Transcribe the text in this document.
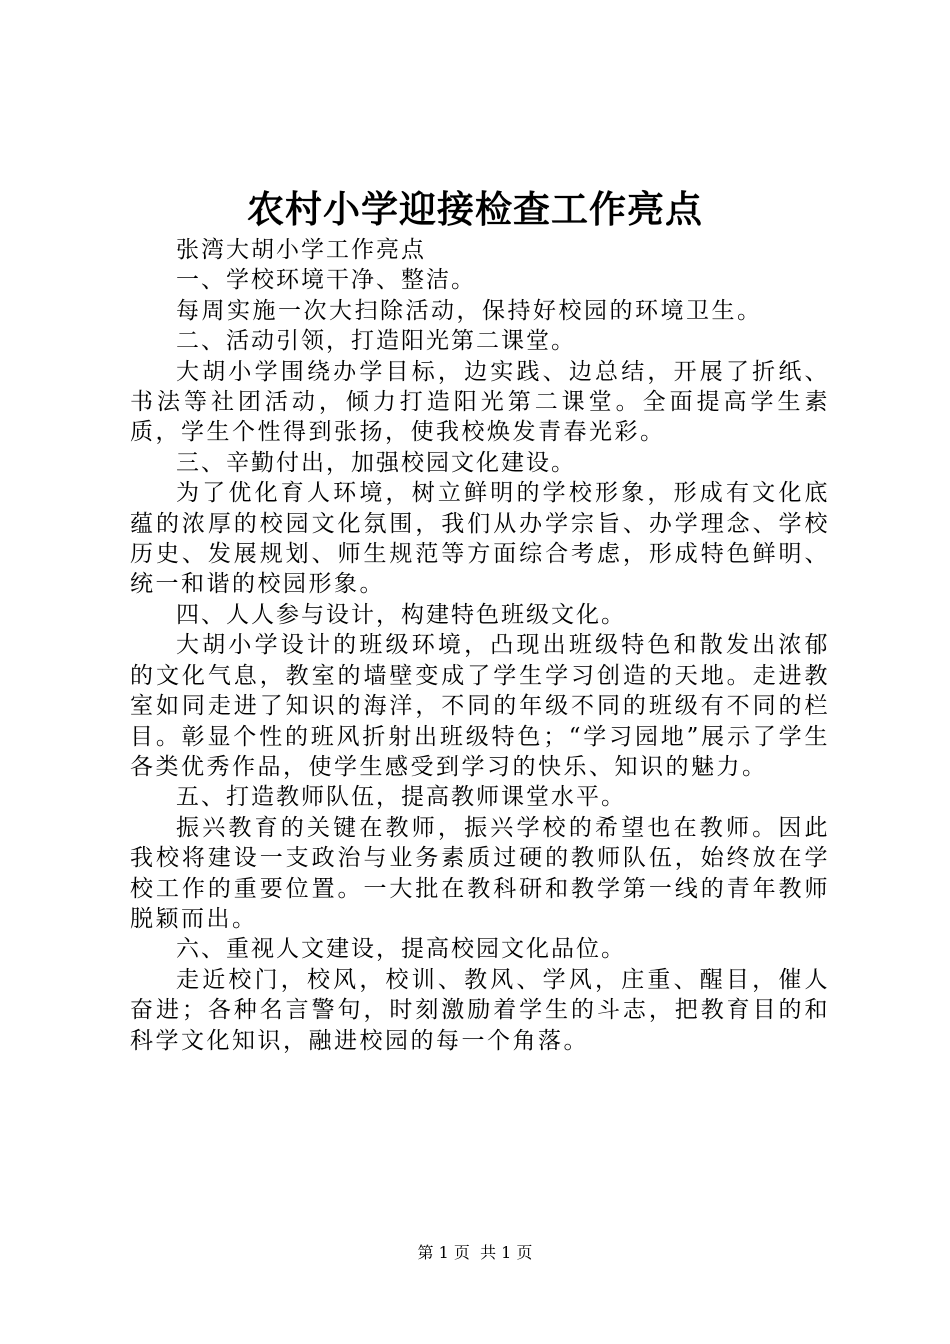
农村小学迎接检查工作亮点

张湾大胡小学工作亮点

一、学校环境干净、整洁。

每周实施一次大扫除活动，保持好校园的环境卫生。

二、活动引领，打造阳光第二课堂。

大胡小学围绕办学目标，边实践、边总结，开展了折纸、书法等社团活动，倾力打造阳光第二课堂。全面提高学生素质，学生个性得到张扬，使我校焕发青春光彩。

三、辛勤付出，加强校园文化建设。

为了优化育人环境，树立鲜明的学校形象，形成有文化底蕴的浓厚的校园文化氛围，我们从办学宗旨、办学理念、学校历史、发展规划、师生规范等方面综合考虑，形成特色鲜明、统一和谐的校园形象。

四、人人参与设计，构建特色班级文化。

大胡小学设计的班级环境，凸现出班级特色和散发出浓郁的文化气息，教室的墙壁变成了学生学习创造的天地。走进教室如同走进了知识的海洋，不同的年级不同的班级有不同的栏目。彰显个性的班风折射出班级特色；“学习园地”展示了学生各类优秀作品，使学生感受到学习的快乐、知识的魅力。

五、打造教师队伍，提高教师课堂水平。

振兴教育的关键在教师，振兴学校的希望也在教师。因此我校将建设一支政治与业务素质过硬的教师队伍，始终放在学校工作的重要位置。一大批在教科研和教学第一线的青年教师脱颖而出。

六、重视人文建设，提高校园文化品位。

走近校门，校风，校训、教风、学风，庄重、醒目，催人奋进；各种名言警句，时刻激励着学生的斗志，把教育目的和科学文化知识，融进校园的每一个角落。

第 1 页 共 1 页
